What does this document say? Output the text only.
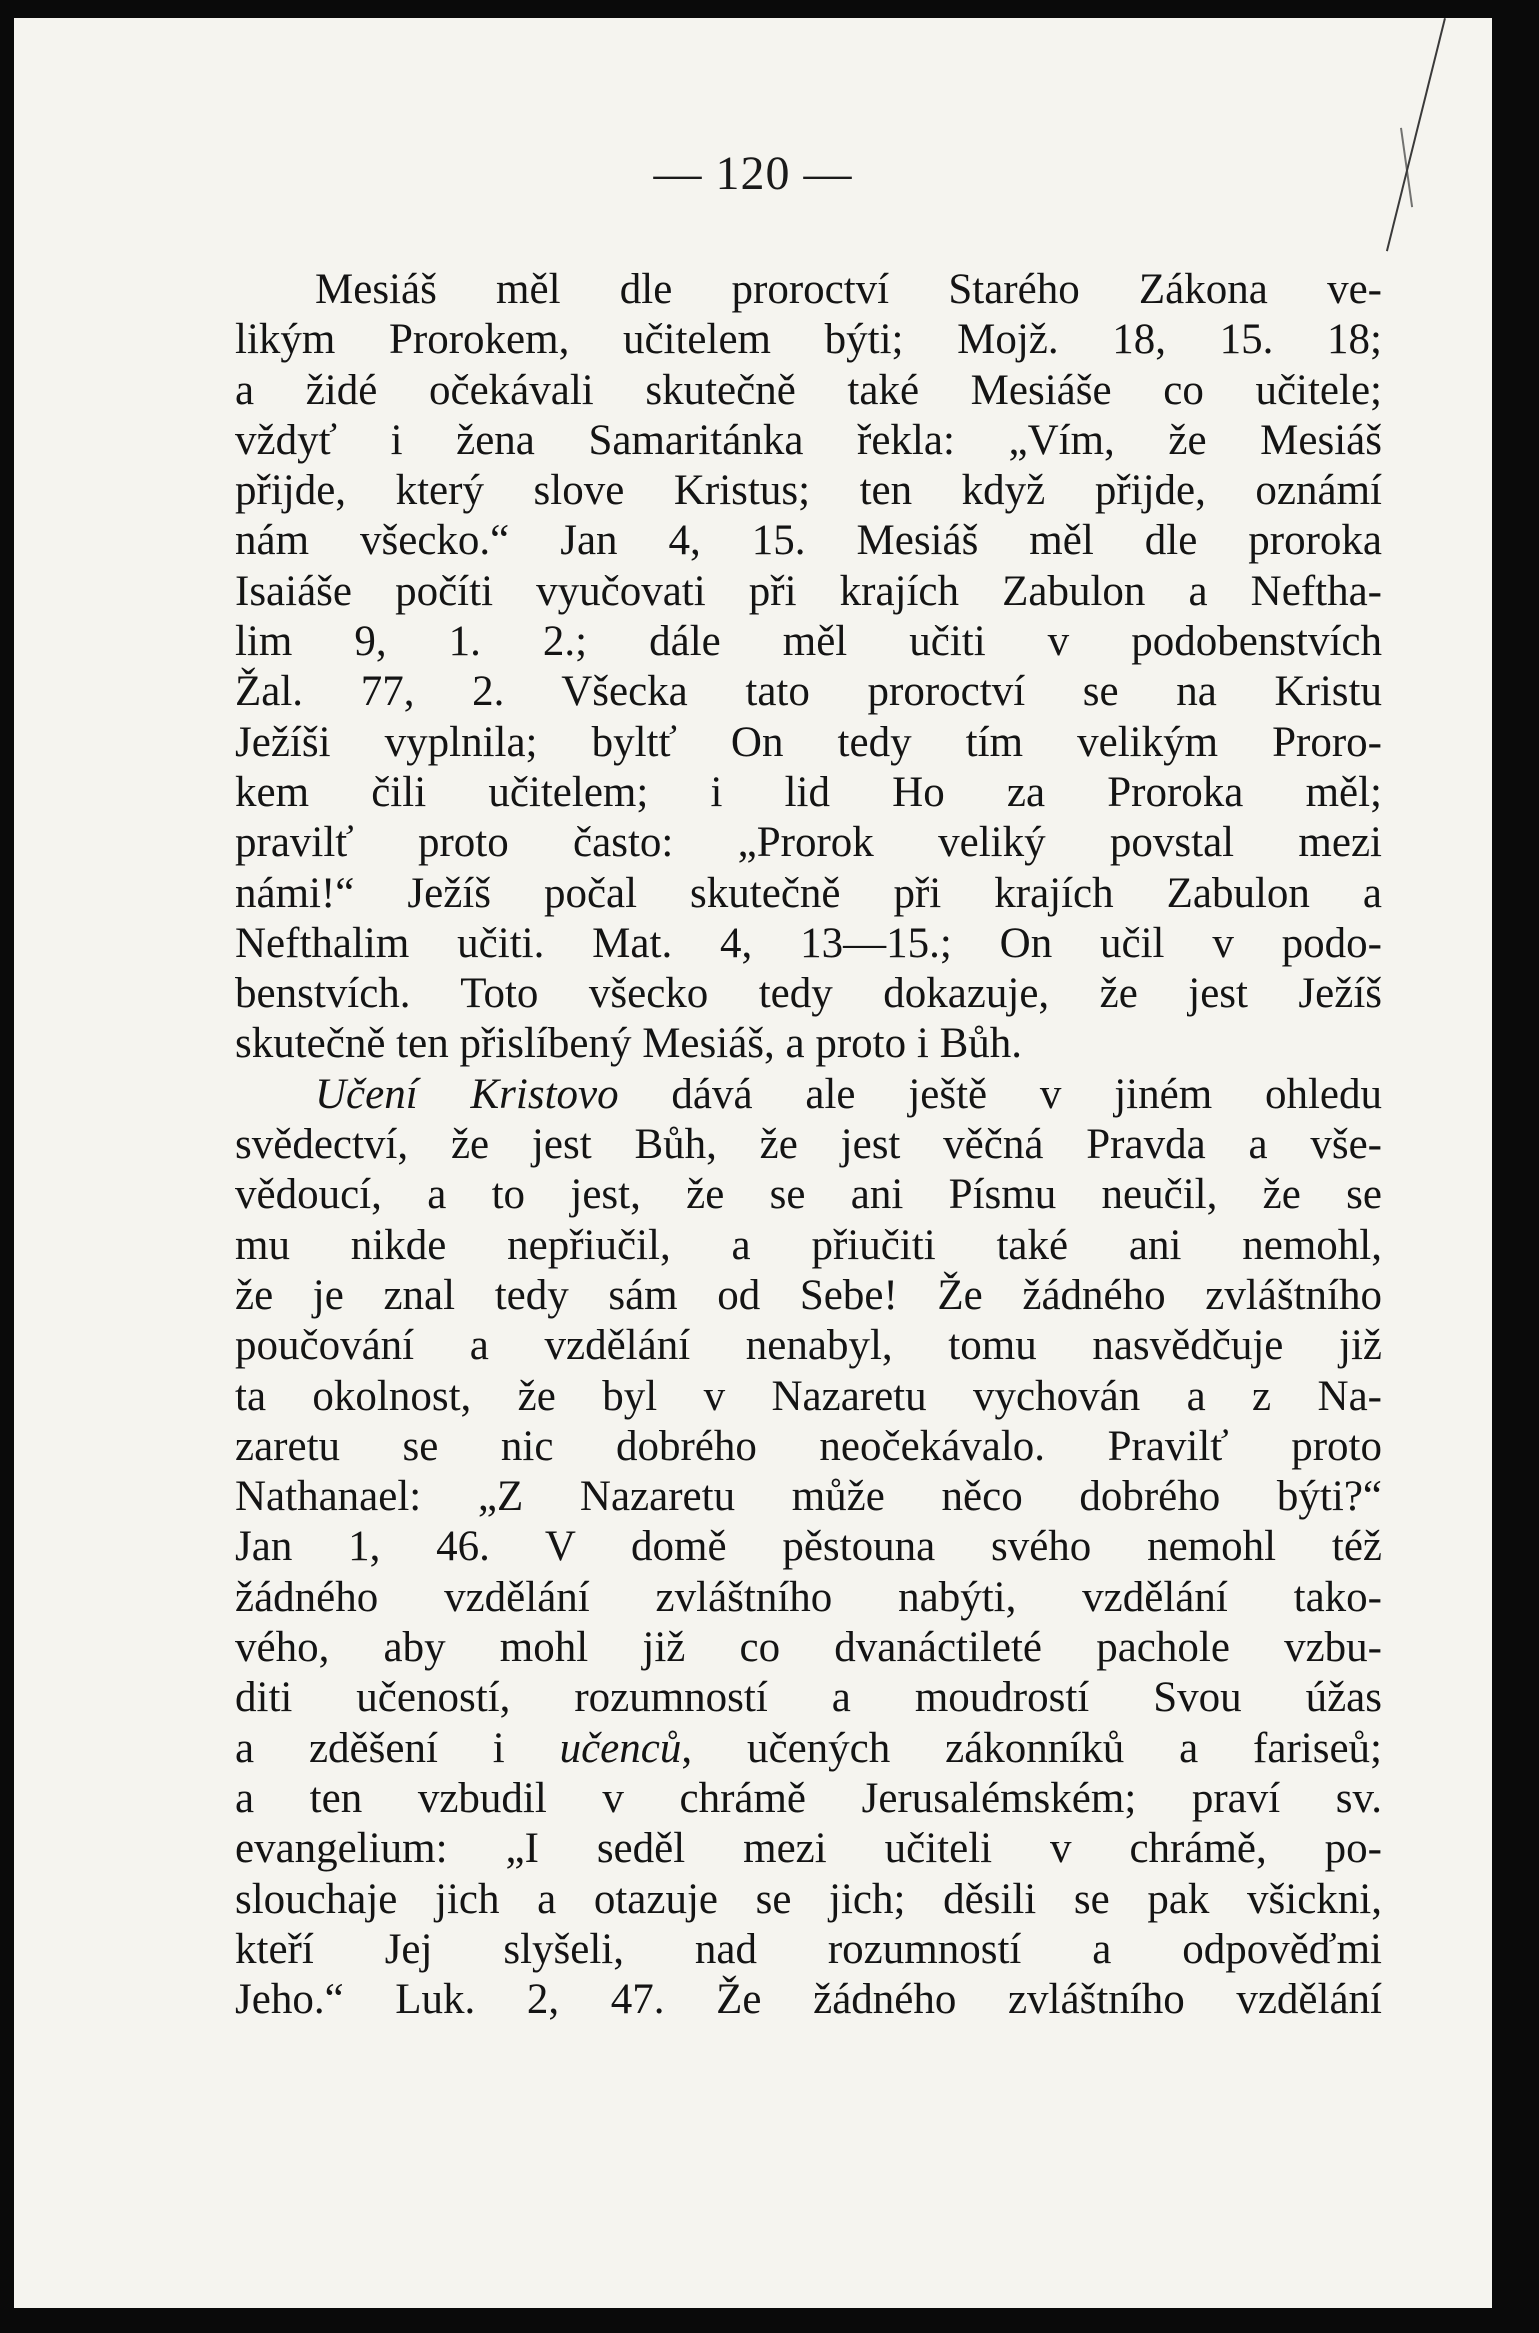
— 120 —
Mesiáš měl dle proroctví Starého Zákona ve-
likým Prorokem, učitelem býti; Mojž. 18, 15. 18;
a židé očekávali skutečně také Mesiáše co učitele;
vždyť i žena Samaritánka řekla: „Vím, že Mesiáš
přijde, který slove Kristus; ten když přijde, oznámí
nám všecko.“ Jan 4, 15. Mesiáš měl dle proroka
Isaiáše počíti vyučovati při krajích Zabulon a Neftha-
lim 9, 1. 2.; dále měl učiti v podobenstvích
Žal. 77, 2. Všecka tato proroctví se na Kristu
Ježíši vyplnila; byltť On tedy tím velikým Proro-
kem čili učitelem; i lid Ho za Proroka měl;
pravilť proto často: „Prorok veliký povstal mezi
námi!“ Ježíš počal skutečně při krajích Zabulon a
Nefthalim učiti. Mat. 4, 13—15.; On učil v podo-
benstvích. Toto všecko tedy dokazuje, že jest Ježíš
skutečně ten přislíbený Mesiáš, a proto i Bůh.
Učení Kristovo dává ale ještě v jiném ohledu
svědectví, že jest Bůh, že jest věčná Pravda a vše-
vědoucí, a to jest, že se ani Písmu neučil, že se
mu nikde nepřiučil, a přiučiti také ani nemohl,
že je znal tedy sám od Sebe! Že žádného zvláštního
poučování a vzdělání nenabyl, tomu nasvědčuje již
ta okolnost, že byl v Nazaretu vychován a z Na-
zaretu se nic dobrého neočekávalo. Pravilť proto
Nathanael: „Z Nazaretu může něco dobrého býti?“
Jan 1, 46. V domě pěstouna svého nemohl též
žádného vzdělání zvláštního nabýti, vzdělání tako-
vého, aby mohl již co dvanáctileté pachole vzbu-
diti učeností, rozumností a moudrostí Svou úžas
a zděšení i učenců, učených zákonníků a fariseů;
a ten vzbudil v chrámě Jerusalémském; praví sv.
evangelium: „I seděl mezi učiteli v chrámě, po-
slouchaje jich a otazuje se jich; děsili se pak všickni,
kteří Jej slyšeli, nad rozumností a odpověďmi
Jeho.“ Luk. 2, 47. Že žádného zvláštního vzdělání
